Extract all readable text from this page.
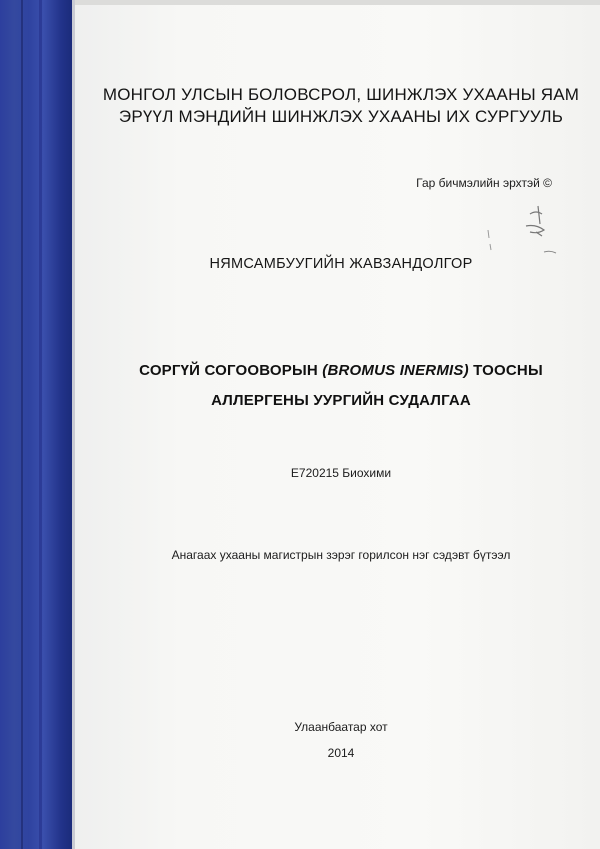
МОНГОЛ УЛСЫН БОЛОВСРОЛ, ШИНЖЛЭХ УХААНЫ ЯАМ
ЭРҮҮЛ МЭНДИЙН ШИНЖЛЭХ УХААНЫ ИХ СУРГУУЛЬ
Гар бичмэлийн эрхтэй ©
НЯМСАМБУУГИЙН ЖАВЗАНДОЛГОР
СОРГҮЙ СОГООВОРЫН (BROMUS INERMIS) ТООСНЫ
АЛЛЕРГЕНЫ УУРГИЙН СУДАЛГАА
E720215 Биохими
Анагаах ухааны магистрын зэрэг горилсон нэг сэдэвт бүтээл
Улаанбаатар хот
2014
